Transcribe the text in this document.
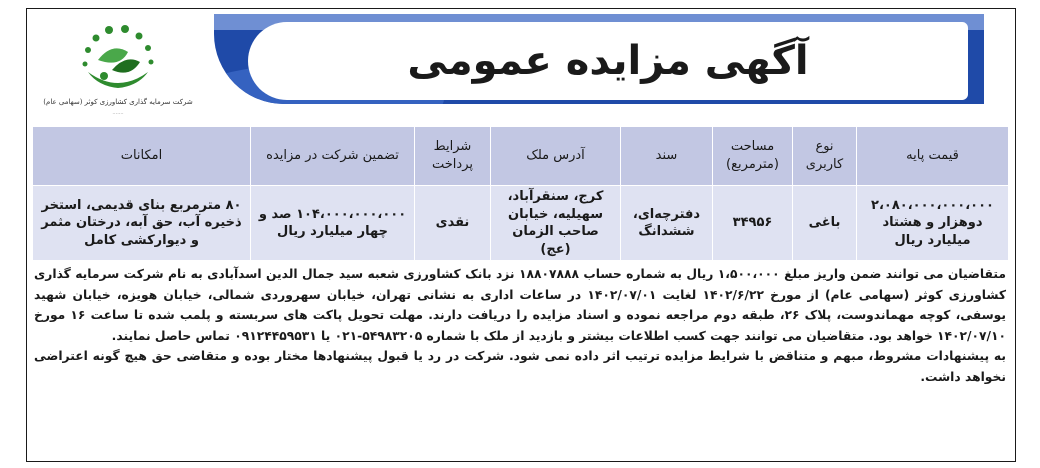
آگهی مزایده عمومی
شرکت سرمایه گذاری کشاورزی کوثر (سهامی عام)
.......
قیمت پایه	نوع کاربری	مساحت (مترمربع)	سند	آدرس ملک	شرایط پرداخت	تضمین شرکت در مزایده	امکانات
۲،۰۸۰،۰۰۰،۰۰۰،۰۰۰ دوهزار و هشتاد میلیارد ریال	باغی	۳۴۹۵۶	دفترچه‌ای، ششدانگ	کرج، سنقرآباد، سهیلیه، خیابان صاحب الزمان (عج)	نقدی	۱۰۴،۰۰۰،۰۰۰،۰۰۰ صد و چهار میلیارد ریال	۸۰ مترمربع بنای قدیمی، استخر ذخیره آب، حق آبه، درختان مثمر و دیوارکشی کامل

متقاضیان می توانند ضمن واریز مبلغ ۱،۵۰۰،۰۰۰ ریال به شماره حساب ۱۸۸۰۷۸۸۸ نزد بانک کشاورزی شعبه سید جمال الدین اسدآبادی به نام شرکت سرمایه گذاری کشاورزی کوثر (سهامی عام) از مورخ ۱۴۰۲/۶/۲۲ لغایت ۱۴۰۲/۰۷/۰۱ در ساعات اداری به نشانی تهران، خیابان سهروردی شمالی، خیابان هویزه، خیابان شهید یوسفی، کوچه مهماندوست، پلاک ۲۶، طبقه دوم مراجعه نموده و اسناد مزایده را دریافت دارند. مهلت تحویل پاکت های سربسته و پلمب شده تا ساعت ۱۶ مورخ ۱۴۰۲/۰۷/۱۰ خواهد بود. متقاضیان می توانند جهت کسب اطلاعات بیشتر و بازدید از ملک با شماره ۵۴۹۸۳۲۰۵-۰۲۱ یا ۰۹۱۲۴۴۵۹۵۳۱ تماس حاصل نمایند.

به پیشنهادات مشروط، مبهم و متناقض با شرایط مزایده ترتیب اثر داده نمی شود. شرکت در رد یا قبول پیشنهادها مختار بوده و متقاضی حق هیچ گونه اعتراضی نخواهد داشت.
